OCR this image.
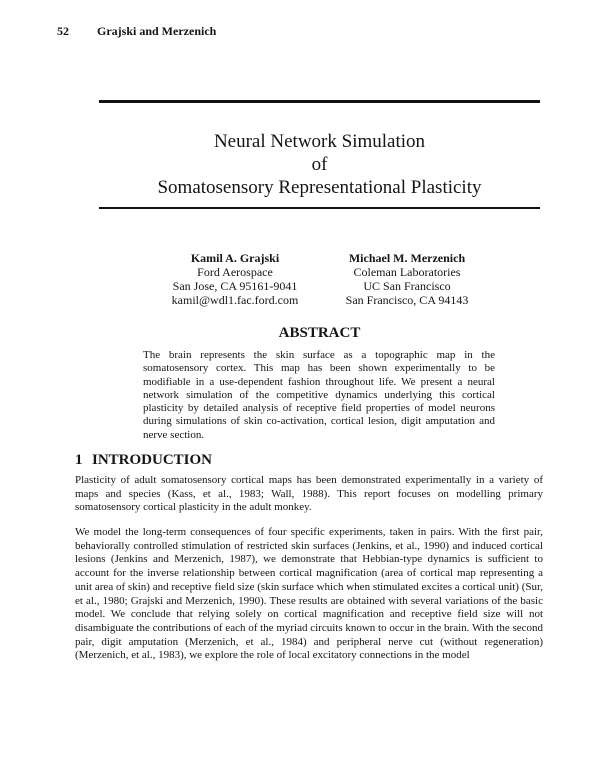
52 Grajski and Merzenich
Neural Network Simulation
of
Somatosensory Representational Plasticity
Kamil A. Grajski
Ford Aerospace
San Jose, CA 95161-9041
kamil@wdl1.fac.ford.com
Michael M. Merzenich
Coleman Laboratories
UC San Francisco
San Francisco, CA 94143
ABSTRACT
The brain represents the skin surface as a topographic map in the somatosensory cortex. This map has been shown experimentally to be modifiable in a use-dependent fashion throughout life. We present a neural network simulation of the competitive dynamics underlying this cortical plasticity by detailed analysis of receptive field properties of model neurons during simulations of skin co-activation, cortical lesion, digit amputation and nerve section.
1 INTRODUCTION
Plasticity of adult somatosensory cortical maps has been demonstrated experimentally in a variety of maps and species (Kass, et al., 1983; Wall, 1988). This report focuses on modelling primary somatosensory cortical plasticity in the adult monkey.
We model the long-term consequences of four specific experiments, taken in pairs. With the first pair, behaviorally controlled stimulation of restricted skin surfaces (Jenkins, et al., 1990) and induced cortical lesions (Jenkins and Merzenich, 1987), we demonstrate that Hebbian-type dynamics is sufficient to account for the inverse relationship between cortical magnification (area of cortical map representing a unit area of skin) and receptive field size (skin surface which when stimulated excites a cortical unit) (Sur, et al., 1980; Grajski and Merzenich, 1990). These results are obtained with several variations of the basic model. We conclude that relying solely on cortical magnification and receptive field size will not disambiguate the contributions of each of the myriad circuits known to occur in the brain. With the second pair, digit amputation (Merzenich, et al., 1984) and peripheral nerve cut (without regeneration) (Merzenich, et al., 1983), we explore the role of local excitatory connections in the model
